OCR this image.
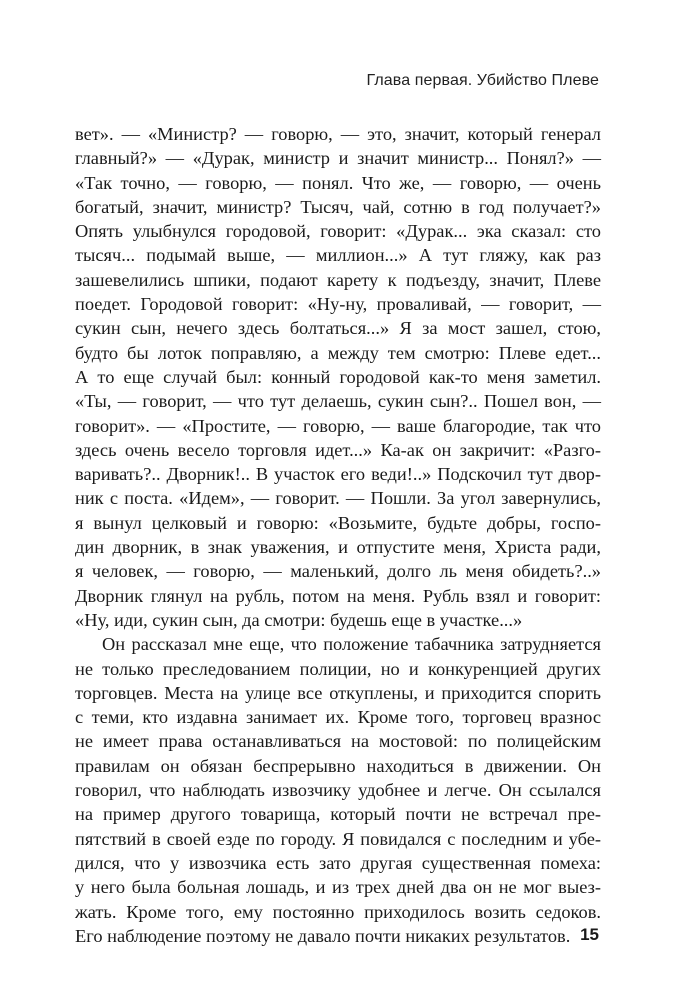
Глава первая. Убийство Плеве
вет». — «Министр? — говорю, — это, значит, который генерал
главный?» — «Дурак, министр и значит министр... Понял?» —
«Так точно, — говорю, — понял. Что же, — говорю, — очень
богатый, значит, министр? Тысяч, чай, сотню в год получает?»
Опять улыбнулся городовой, говорит: «Дурак... эка сказал: сто
тысяч... подымай выше, — миллион...» А тут гляжу, как раз
зашевелились шпики, подают карету к подъезду, значит, Плеве
поедет. Городовой говорит: «Ну-ну, проваливай, — говорит, —
сукин сын, нечего здесь болтаться...» Я за мост зашел, стою,
будто бы лоток поправляю, а между тем смотрю: Плеве едет...
А то еще случай был: конный городовой как-то меня заметил.
«Ты, — говорит, — что тут делаешь, сукин сын?.. Пошел вон, —
говорит». — «Простите, — говорю, — ваше благородие, так что
здесь очень весело торговля идет...» Ка-ак он закричит: «Разго-
варивать?.. Дворник!.. В участок его веди!..» Подскочил тут двор-
ник с поста. «Идем», — говорит. — Пошли. За угол завернулись,
я вынул целковый и говорю: «Возьмите, будьте добры, госпо-
дин дворник, в знак уважения, и отпустите меня, Христа ради,
я человек, — говорю, — маленький, долго ль меня обидеть?..»
Дворник глянул на рубль, потом на меня. Рубль взял и говорит:
«Ну, иди, сукин сын, да смотри: будешь еще в участке...»
Он рассказал мне еще, что положение табачника затрудняется
не только преследованием полиции, но и конкуренцией других
торговцев. Места на улице все откуплены, и приходится спорить
с теми, кто издавна занимает их. Кроме того, торговец вразнос
не имеет права останавливаться на мостовой: по полицейским
правилам он обязан беспрерывно находиться в движении. Он
говорил, что наблюдать извозчику удобнее и легче. Он ссылался
на пример другого товарища, который почти не встречал пре-
пятствий в своей езде по городу. Я повидался с последним и убе-
дился, что у извозчика есть зато другая существенная помеха:
у него была больная лошадь, и из трех дней два он не мог выез-
жать. Кроме того, ему постоянно приходилось возить седоков.
Его наблюдение поэтому не давало почти никаких результатов. 15
